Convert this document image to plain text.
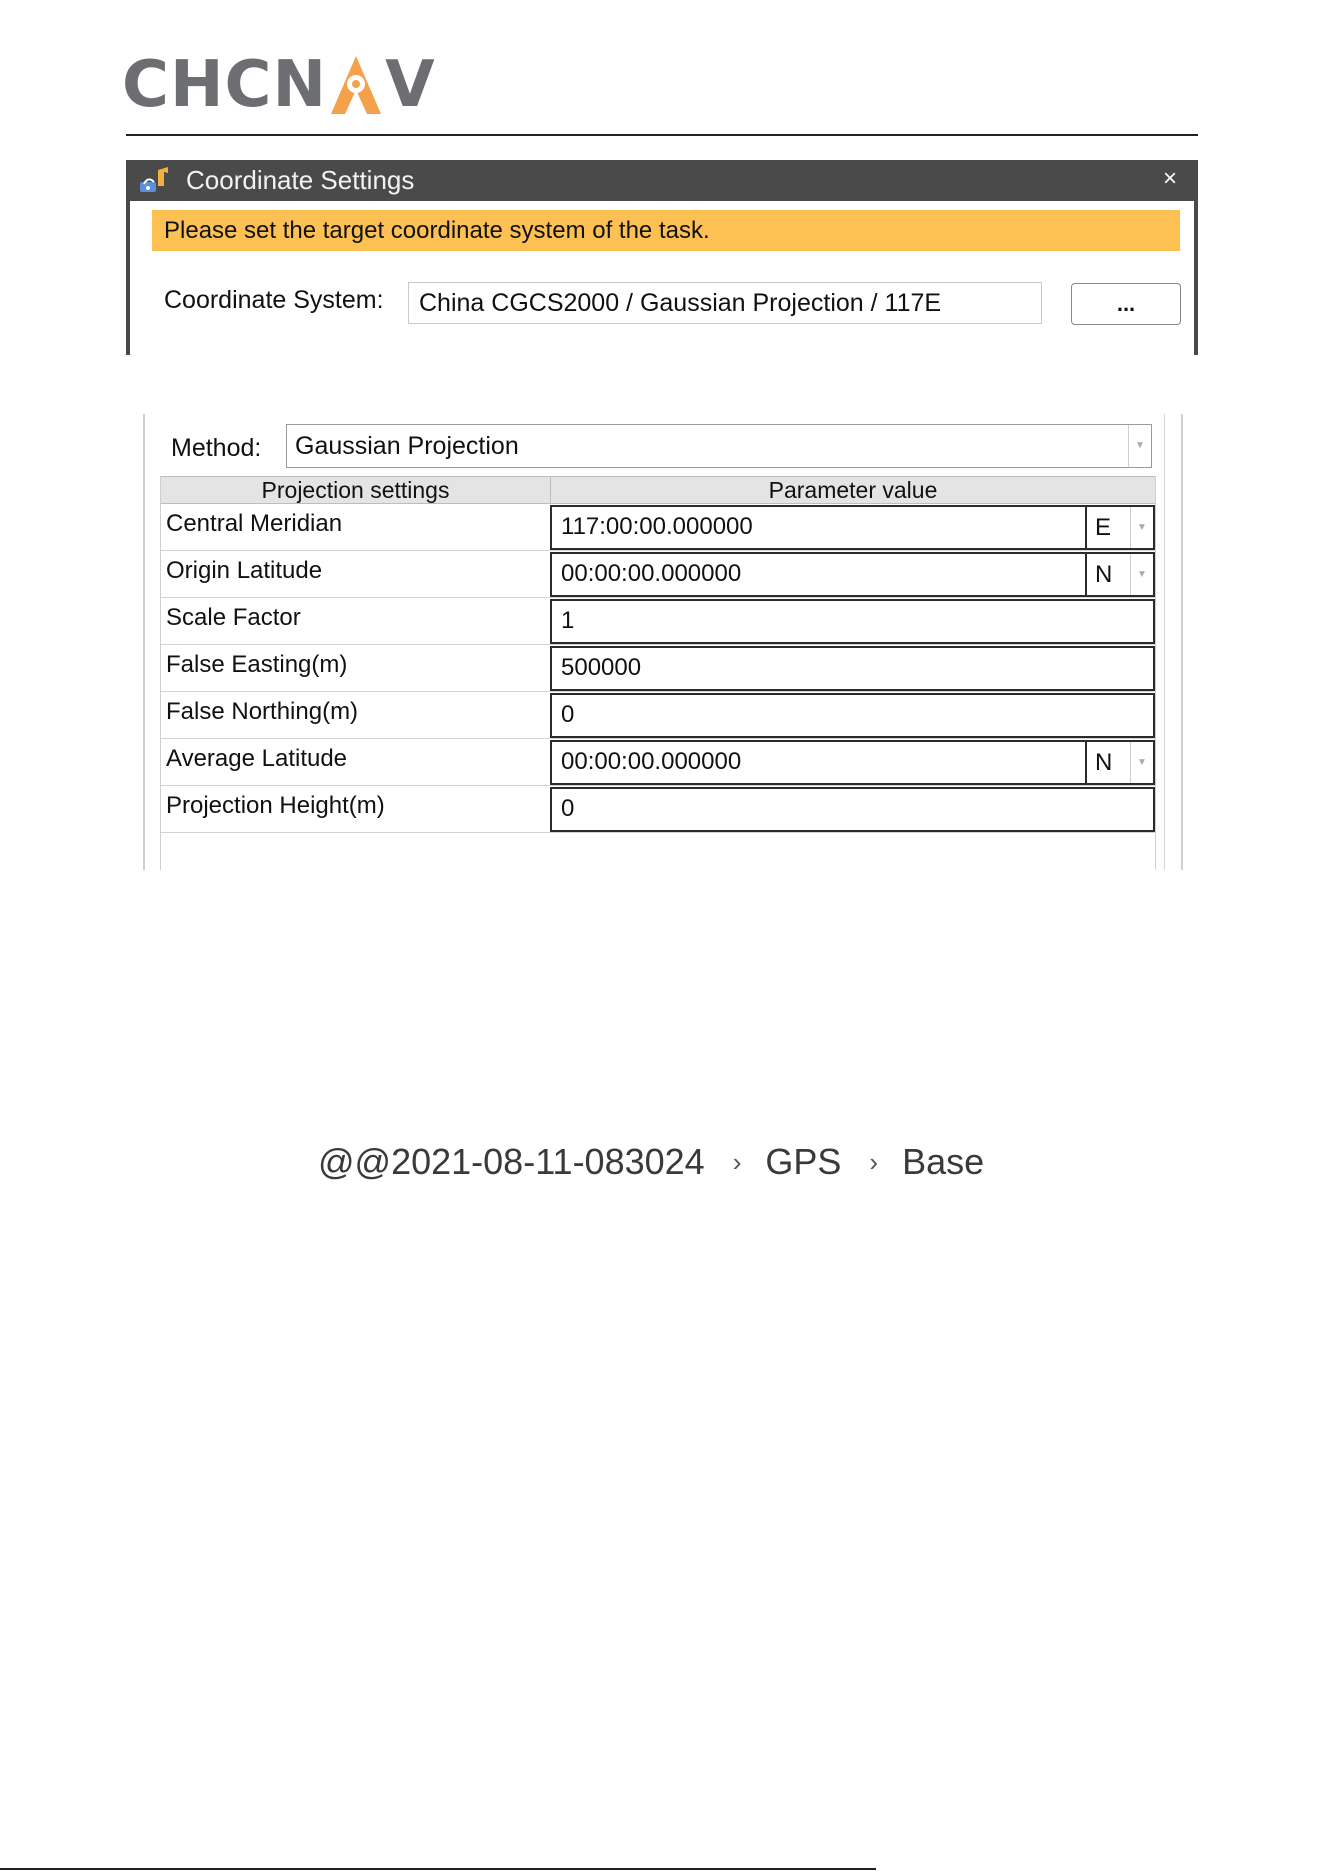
CHCN V
Coordinate Settings	×
Please set the target coordinate system of the task.
Coordinate System:	China CGCS2000 / Gaussian Projection / 117E	...
Method:	Gaussian Projection	▼
Projection settings	Parameter value
Central Meridian	117:00:00.000000	E	▼
Origin Latitude	00:00:00.000000	N	▼
Scale Factor	1
False Easting(m)	500000
False Northing(m)	0
Average Latitude	00:00:00.000000	N	▼
Projection Height(m)	0
@@2021-08-11-083024 › GPS › Base
